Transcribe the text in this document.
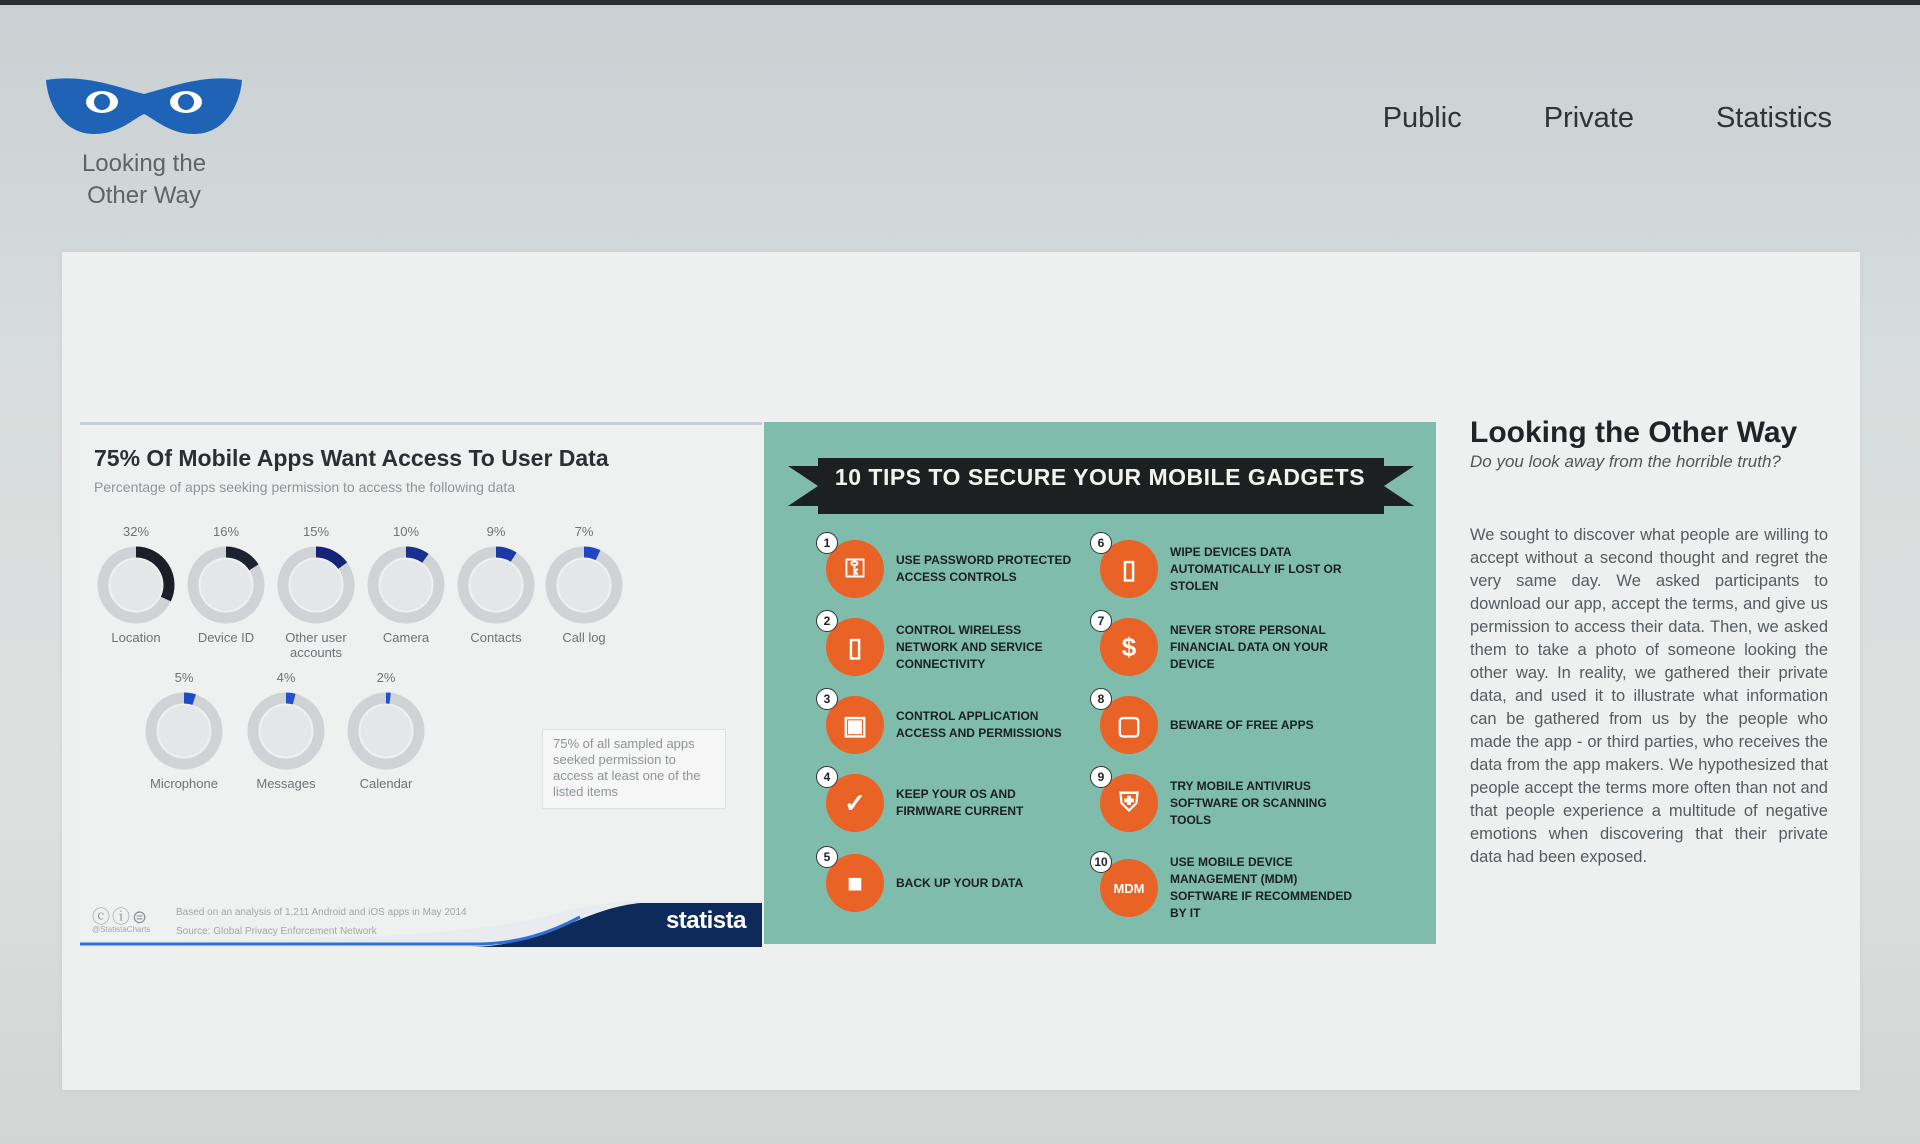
Looking the
Other Way
Public	Private	Statistics
75% Of Mobile Apps Want Access To User Data
Percentage of apps seeking permission to access the following data
32%
Location
16%
Device ID
15%
Other user accounts
10%
Camera
9%
Contacts
7%
Call log
5%
Microphone
4%
Messages
2%
Calendar
75% of all sampled apps seeked permission to access at least one of the listed items
statista
ⓒⓘ⊜	Based on an analysis of 1,211 Android and iOS apps in May 2014
Source: Global Privacy Enforcement Network
@StatistaCharts
10 TIPS TO SECURE YOUR MOBILE GADGETS
1
⚿	USE PASSWORD PROTECTED ACCESS CONTROLS
2
▯
CONTROL WIRELESS NETWORK AND SERVICE CONNECTIVITY
3
▣	CONTROL APPLICATION ACCESS AND PERMISSIONS
4
✓	KEEP YOUR OS AND FIRMWARE CURRENT
5
■	BACK UP YOUR DATA
6
▯
WIPE DEVICES DATA AUTOMATICALLY IF LOST OR STOLEN
7
$
NEVER STORE PERSONAL FINANCIAL DATA ON YOUR DEVICE
8
▢	BEWARE OF FREE APPS
9
⛨
TRY MOBILE ANTIVIRUS SOFTWARE OR SCANNING TOOLS
10
MDM
USE MOBILE DEVICE MANAGEMENT (MDM) SOFTWARE IF RECOMMENDED BY IT
Looking the Other Way
Do you look away from the horrible truth?
We sought to discover what people are willing to accept without a second thought and regret the very same day. We asked participants to download our app, accept the terms, and give us permission to access their data. Then, we asked them to take a photo of someone looking the other way. In reality, we gathered their private data, and used it to illustrate what information can be gathered from us by the people who made the app - or third parties, who receives the data from the app makers. We hypothesized that people accept the terms more often than not and that people experience a multitude of negative emotions when discovering that their private data had been exposed.
